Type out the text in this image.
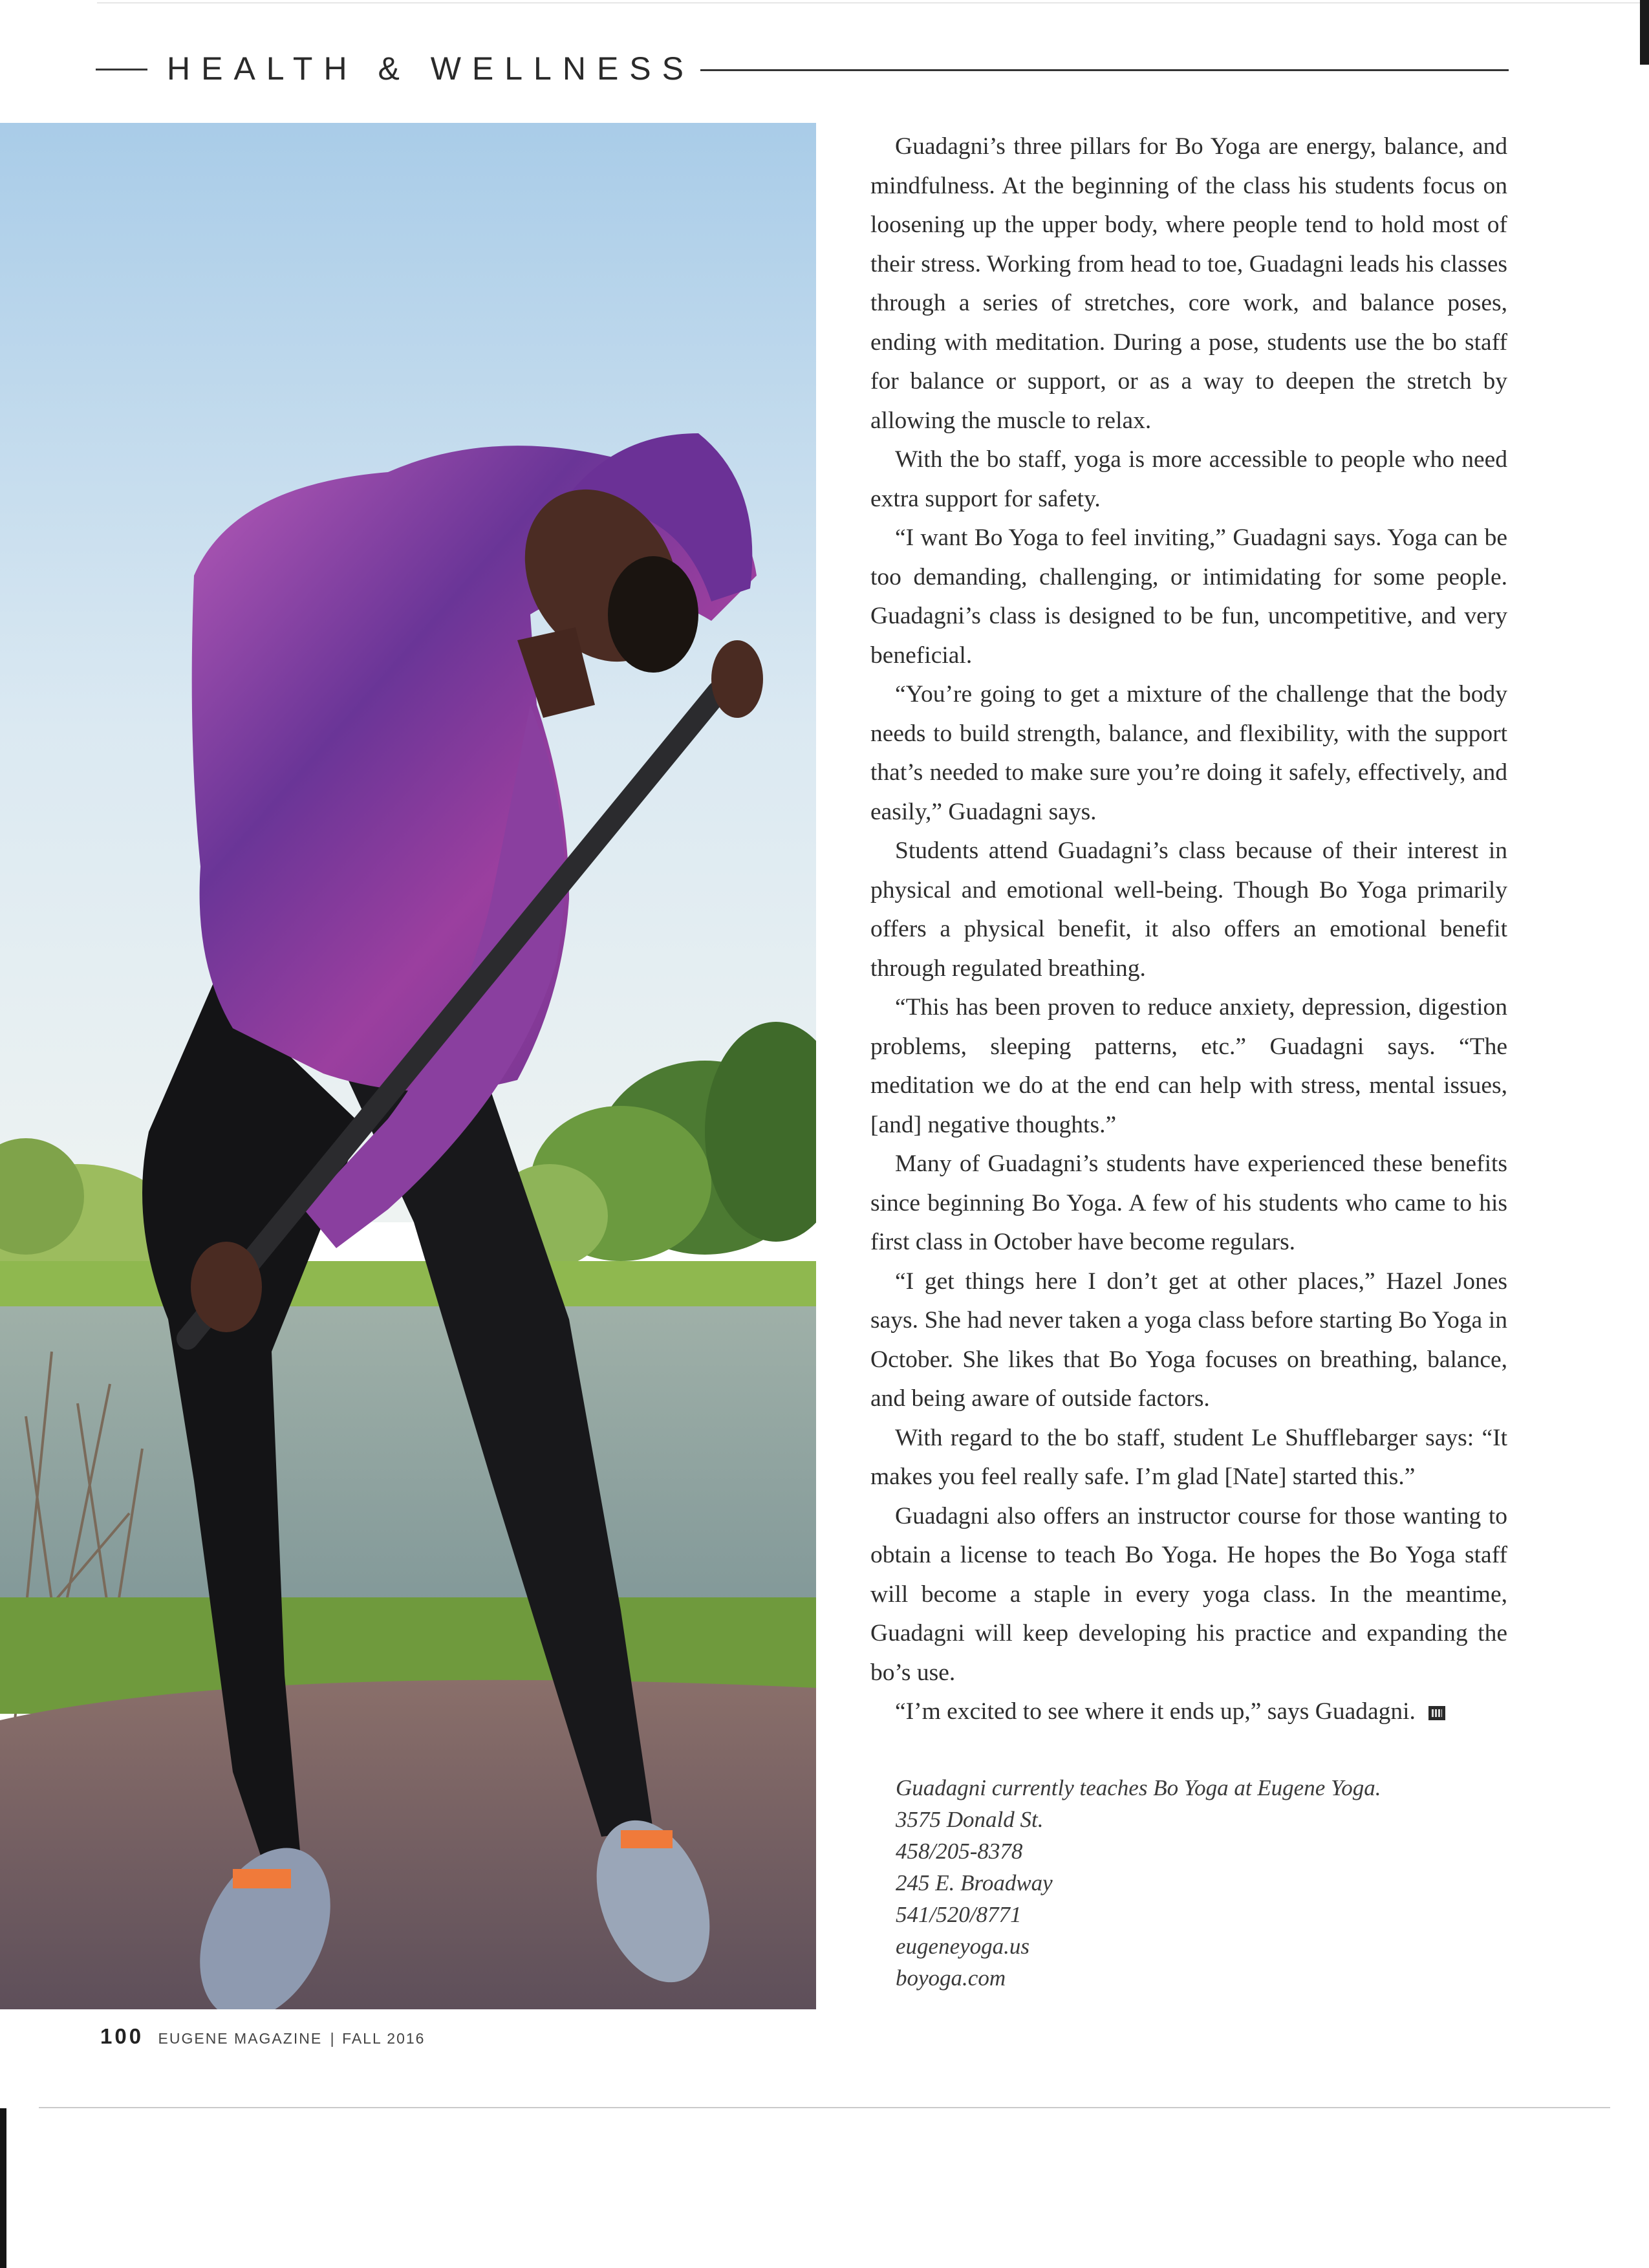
HEALTH & WELLNESS

Guadagni’s three pillars for Bo Yoga are energy, balance, and mindfulness. At the beginning of the class his students focus on loosening up the upper body, where people tend to hold most of their stress. Working from head to toe, Guadagni leads his classes through a series of stretches, core work, and balance poses, ending with meditation. During a pose, students use the bo staff for balance or support, or as a way to deepen the stretch by allowing the muscle to relax.

With the bo staff, yoga is more accessible to people who need extra support for safety.

“I want Bo Yoga to feel inviting,” Guadagni says. Yoga can be too demanding, challenging, or intimidating for some people. Guadagni’s class is designed to be fun, uncompetitive, and very beneficial.

“You’re going to get a mixture of the challenge that the body needs to build strength, balance, and flexibility, with the support that’s needed to make sure you’re doing it safely, effectively, and easily,” Guadagni says.

Students attend Guadagni’s class because of their interest in physical and emotional well-being. Though Bo Yoga primarily offers a physical benefit, it also offers an emotional benefit through regulated breathing.

“This has been proven to reduce anxiety, depression, digestion problems, sleeping patterns, etc.” Guadagni says. “The meditation we do at the end can help with stress, mental issues, [and] negative thoughts.”

Many of Guadagni’s students have experienced these benefits since beginning Bo Yoga. A few of his students who came to his first class in October have become regulars.

“I get things here I don’t get at other places,” Hazel Jones says. She had never taken a yoga class before starting Bo Yoga in October. She likes that Bo Yoga focuses on breathing, balance, and being aware of outside factors.

With regard to the bo staff, student Le Shufflebarger says: “It makes you feel really safe. I’m glad [Nate] started this.”

Guadagni also offers an instructor course for those wanting to obtain a license to teach Bo Yoga. He hopes the Bo Yoga staff will become a staple in every yoga class. In the meantime, Guadagni will keep developing his practice and expanding the bo’s use.

“I’m excited to see where it ends up,” says Guadagni.

Guadagni currently teaches Bo Yoga at Eugene Yoga.
3575 Donald St.
458/205-8378
245 E. Broadway
541/520/8771
eugeneyoga.us
boyoga.com
100 EUGENE MAGAZINE | FALL 2016
